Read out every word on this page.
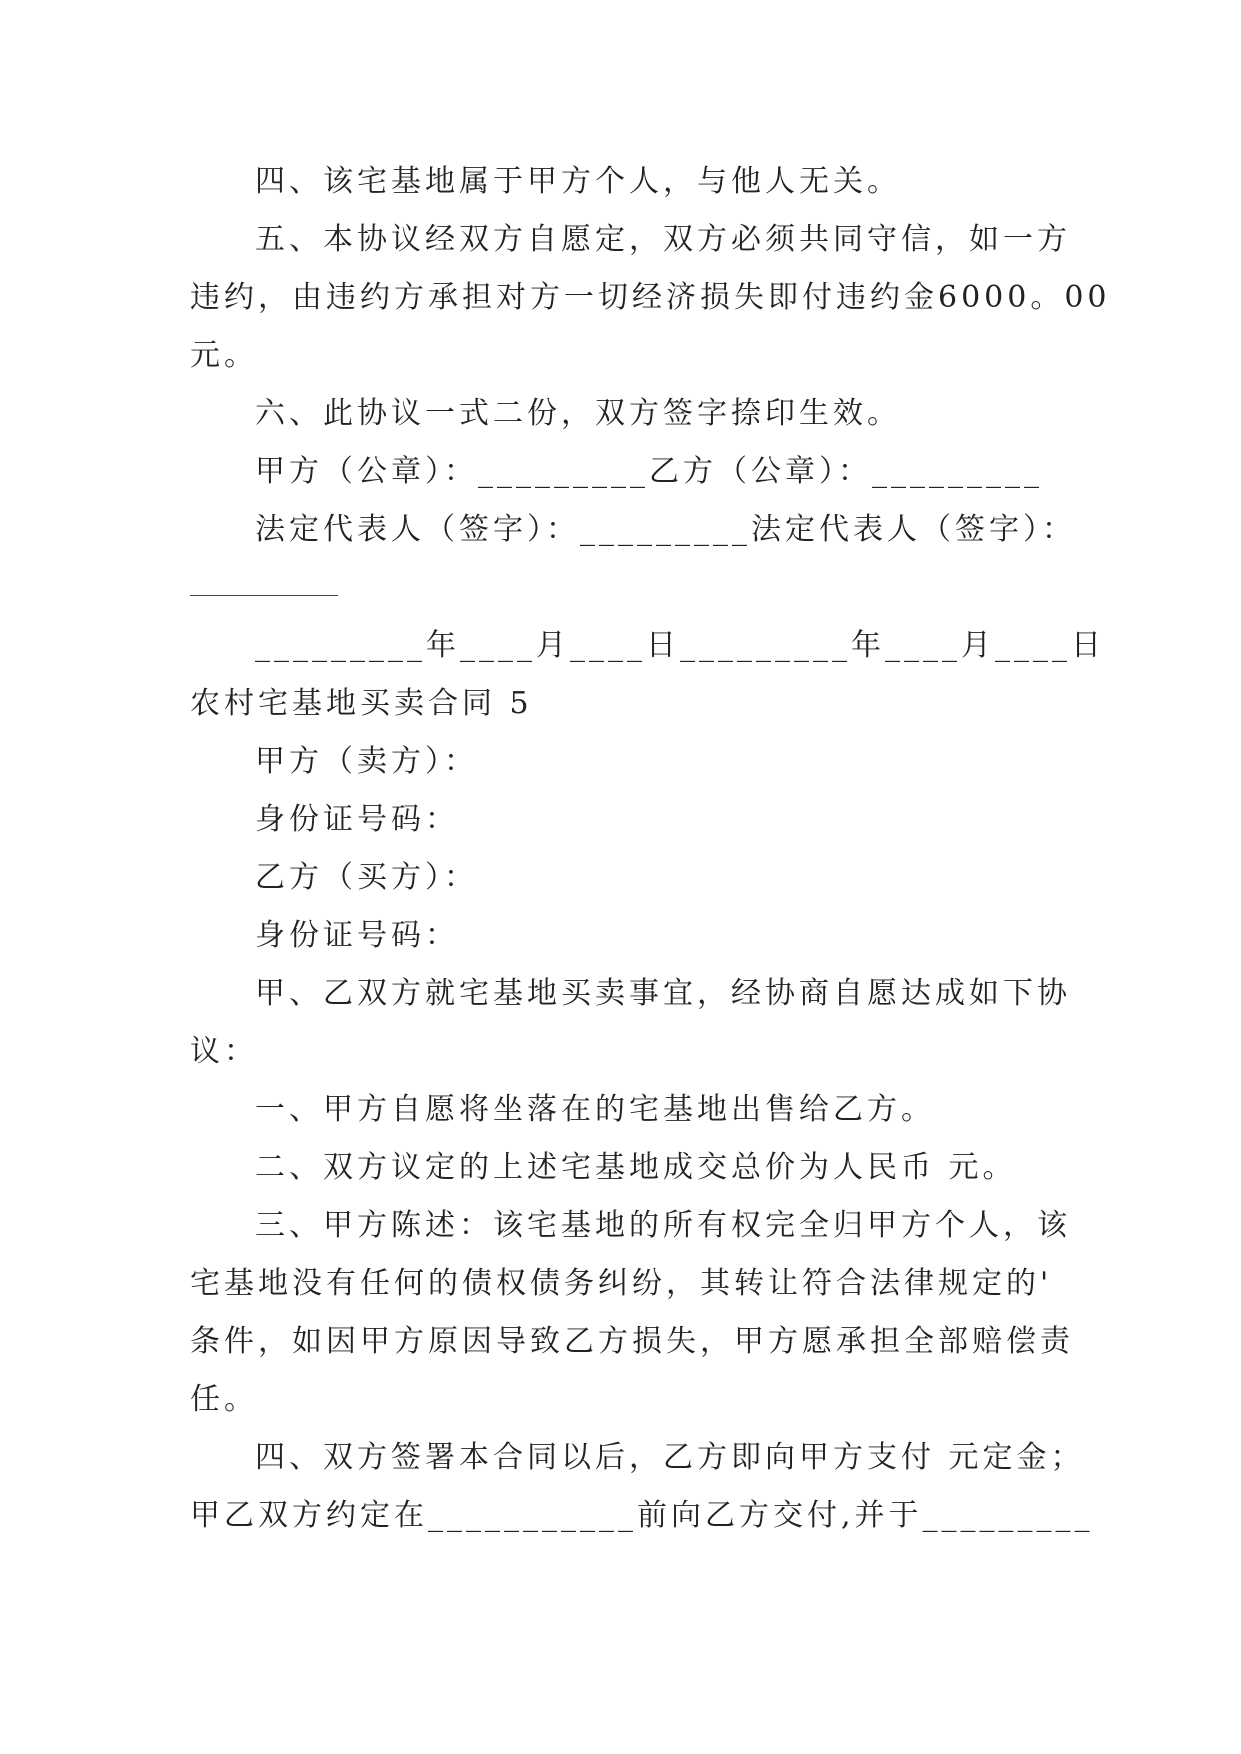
四、该宅基地属于甲方个人，与他人无关。
五、本协议经双方自愿定，双方必须共同守信，如一方
违约，由违约方承担对方一切经济损失即付违约金6000。00
元。
六、此协议一式二份，双方签字捺印生效。
甲方（公章）：_________乙方（公章）：_________
法定代表人（签字）：_________法定代表人（签字）：
_________年____月____日_________年____月____日
农村宅基地买卖合同 5
甲方（卖方）：
身份证号码：
乙方（买方）：
身份证号码：
甲、乙双方就宅基地买卖事宜，经协商自愿达成如下协
议：
一、甲方自愿将坐落在的宅基地出售给乙方。
二、双方议定的上述宅基地成交总价为人民币 元。
三、甲方陈述：该宅基地的所有权完全归甲方个人，该
宅基地没有任何的债权债务纠纷，其转让符合法律规定的'
条件，如因甲方原因导致乙方损失，甲方愿承担全部赔偿责
任。
四、双方签署本合同以后，乙方即向甲方支付 元定金；
甲乙双方约定在___________前向乙方交付,并于_________
